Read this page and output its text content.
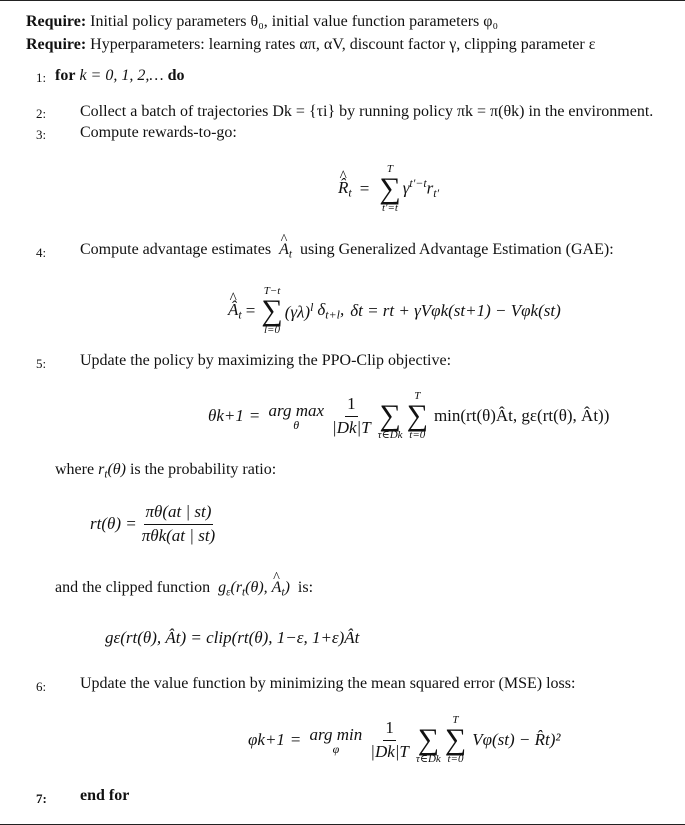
Require: Initial policy parameters θ₀, initial value function parameters φ₀
Require: Hyperparameters: learning rates απ, αV, discount factor γ, clipping parameter ε
1: for k = 0, 1, 2,… do
2: Collect a batch of trajectories Dk = {τi} by running policy πk = π(θk) in the environment.
3: Compute rewards-to-go:
^ $R̂_t$ =
T
∑
t′=t
$\gamma^{t'-t}r_{t'}$
4: Compute advantage estimates ^ $A_t$ using Generalized Advantage Estimation (GAE):
^ $Â_t$ =
T−t
∑
l=0
$(\gamma\lambda)^l$ $\delta_{t+l}$, δt = rt + γVφk(st+1) − Vφk(st)
5: Update the policy by maximizing the PPO-Clip objective:
θk+1 = arg max
θ $\frac{1}{|Dk|T}$
∑
τ∈Dk
T
∑
t=0
min(rt(θ)Ât, gε(rt(θ), Ât))
where $r_t(\theta)$ is the probability ratio:
$rt(\theta) = \frac{\pi\theta(at | st)}{\text{πθk(at | st)}}$
and the clipped function $g_\varepsilon(r_t(\theta)$, ^ $A_t$) is:
gε(rt(θ), Ât) = clip(rt(θ), 1−ε, 1+ε)Ât
6: Update the value function by minimizing the mean squared error (MSE) loss:
φk+1 = arg min
φ $\frac{1}{|Dk|T}$
∑
τ∈Dk
T
∑
t=0
Vφ(st) − R̂t)²
7: end for
